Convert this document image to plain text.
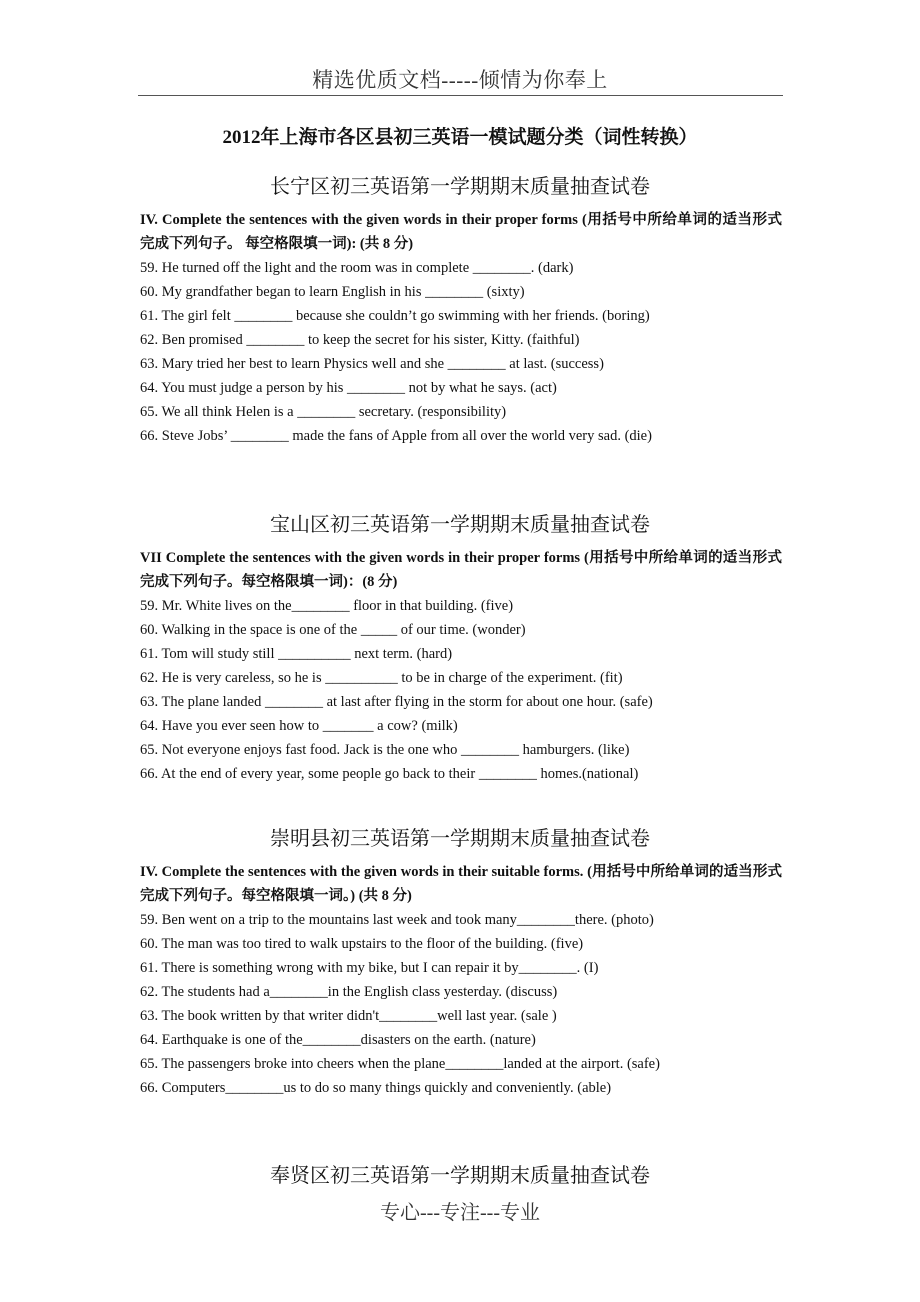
精选优质文档-----倾情为你奉上
2012年上海市各区县初三英语一模试题分类（词性转换）
长宁区初三英语第一学期期末质量抽查试卷
IV. Complete the sentences with the given words in their proper forms (用括号中所给单词的适当形式完成下列句子。 每空格限填一词): (共 8 分)
59. He turned off the light and the room was in complete ________. (dark)
60. My grandfather began to learn English in his ________ (sixty)
61. The girl felt ________ because she couldn’t go swimming with her friends. (boring)
62. Ben promised ________ to keep the secret for his sister, Kitty. (faithful)
63. Mary tried her best to learn Physics well and she ________ at last. (success)
64. You must judge a person by his ________ not by what he says. (act)
65. We all think Helen is a ________ secretary. (responsibility)
66. Steve Jobs’ ________ made the fans of Apple from all over the world very sad. (die)
宝山区初三英语第一学期期末质量抽查试卷
VII Complete the sentences with the given words in their proper forms (用括号中所给单词的适当形式完成下列句子。每空格限填一词)：(8 分)
59. Mr. White lives on the________ floor in that building. (five)
60. Walking in the space is one of the _____ of our time. (wonder)
61. Tom will study still __________ next term. (hard)
62. He is very careless, so he is __________ to be in charge of the experiment. (fit)
63. The plane landed ________ at last after flying in the storm for about one hour. (safe)
64. Have you ever seen how to _______ a cow? (milk)
65. Not everyone enjoys fast food. Jack is the one who ________ hamburgers. (like)
66. At the end of every year, some people go back to their ________ homes.(national)
崇明县初三英语第一学期期末质量抽查试卷
IV. Complete the sentences with the given words in their suitable forms. (用括号中所给单词的适当形式完成下列句子。每空格限填一词。) (共 8 分)
59. Ben went on a trip to the mountains last week and took many________there. (photo)
60. The man was too tired to walk upstairs to the floor of the building. (five)
61. There is something wrong with my bike, but I can repair it by________. (I)
62. The students had a________in the English class yesterday. (discuss)
63. The book written by that writer didn't________well last year. (sale )
64. Earthquake is one of the________disasters on the earth. (nature)
65. The passengers broke into cheers when the plane________landed at the airport. (safe)
66. Computers________us to do so many things quickly and conveniently. (able)
奉贤区初三英语第一学期期末质量抽查试卷
专心---专注---专业
